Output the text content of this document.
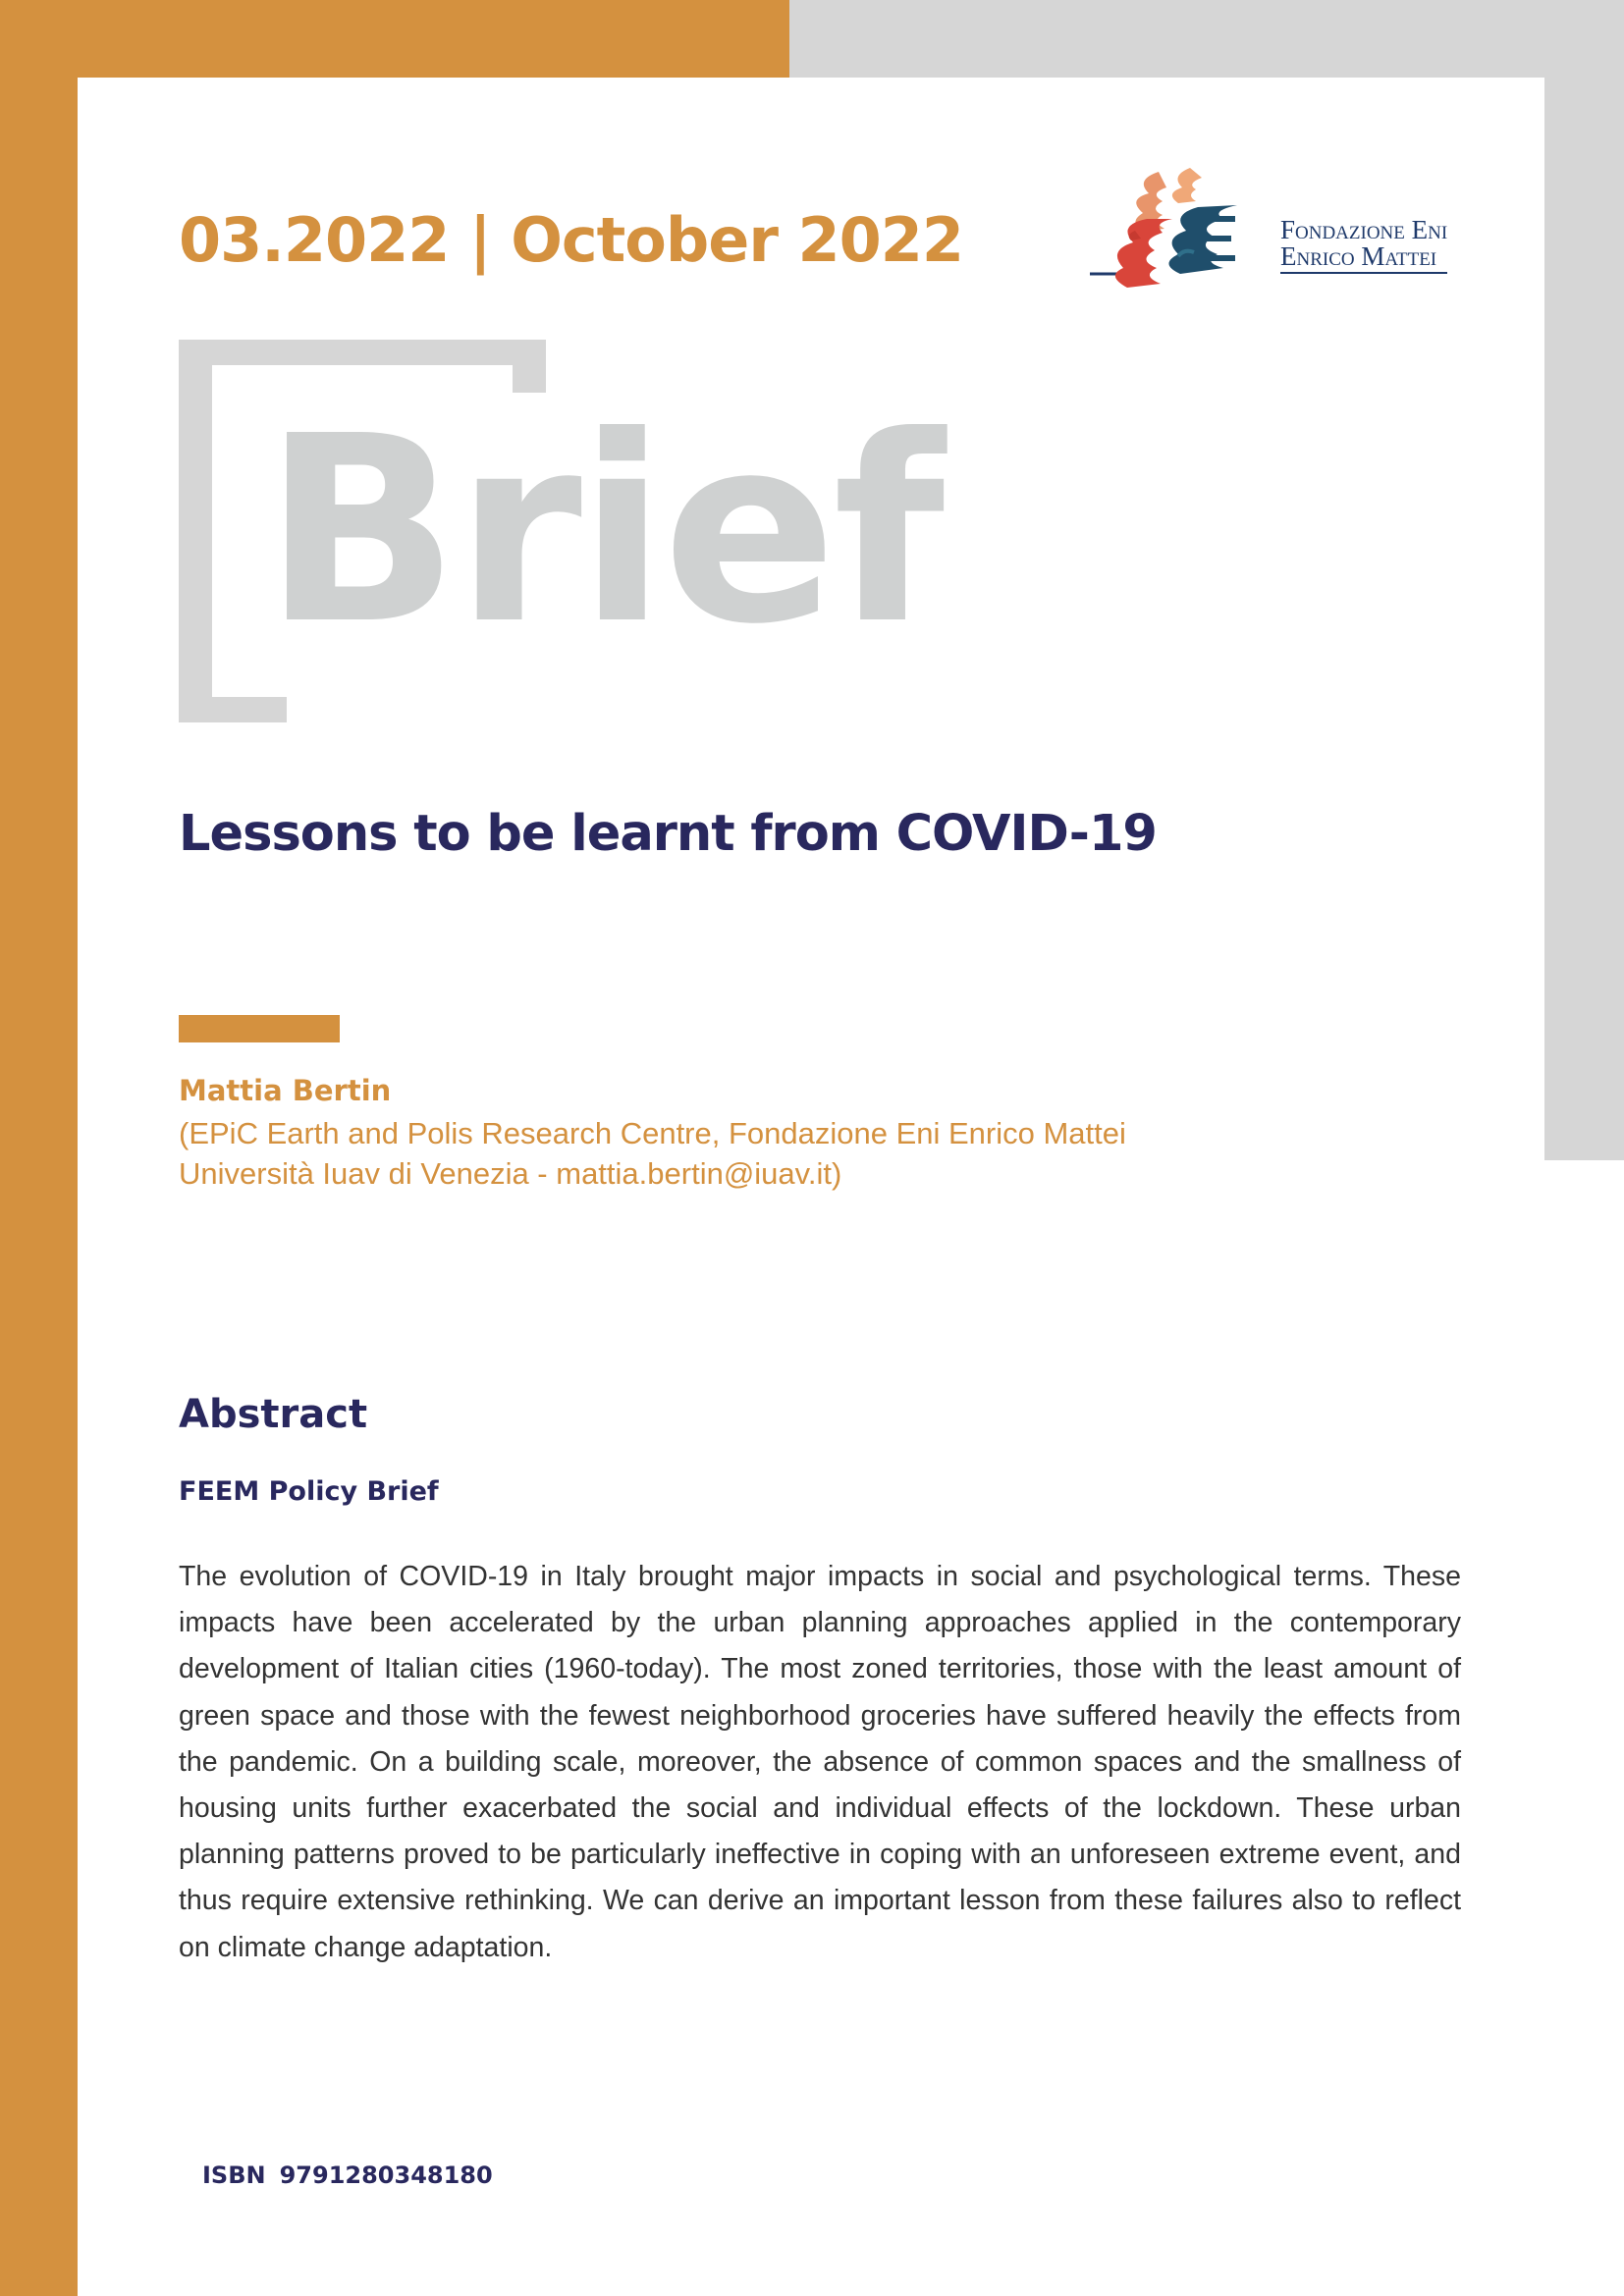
03.2022 | October 2022	Fondazione Eni
Enrico Mattei
Brief
Lessons to be learnt from COVID-19
Mattia Bertin
(EPiC Earth and Polis Research Centre, Fondazione Eni Enrico Mattei
Università Iuav di Venezia - mattia.bertin@iuav.it)
Abstract
FEEM Policy Brief
The evolution of COVID-19 in Italy brought major impacts in social and psychological terms. These impacts have been accelerated by the urban planning approaches applied in the contemporary development of Italian cities (1960-today). The most zoned territories, those with the least amount of green space and those with the fewest neighborhood groceries have suffered heavily the effects from the pandemic. On a building scale, moreover, the absence of common spaces and the smallness of housing units further exacerbated the social and individual effects of the lockdown. These urban planning patterns proved to be particularly ineffective in coping with an unforeseen extreme event, and thus require extensive rethinking. We can derive an important lesson from these failures also to reflect on climate change adaptation.
ISBN 9791280348180
